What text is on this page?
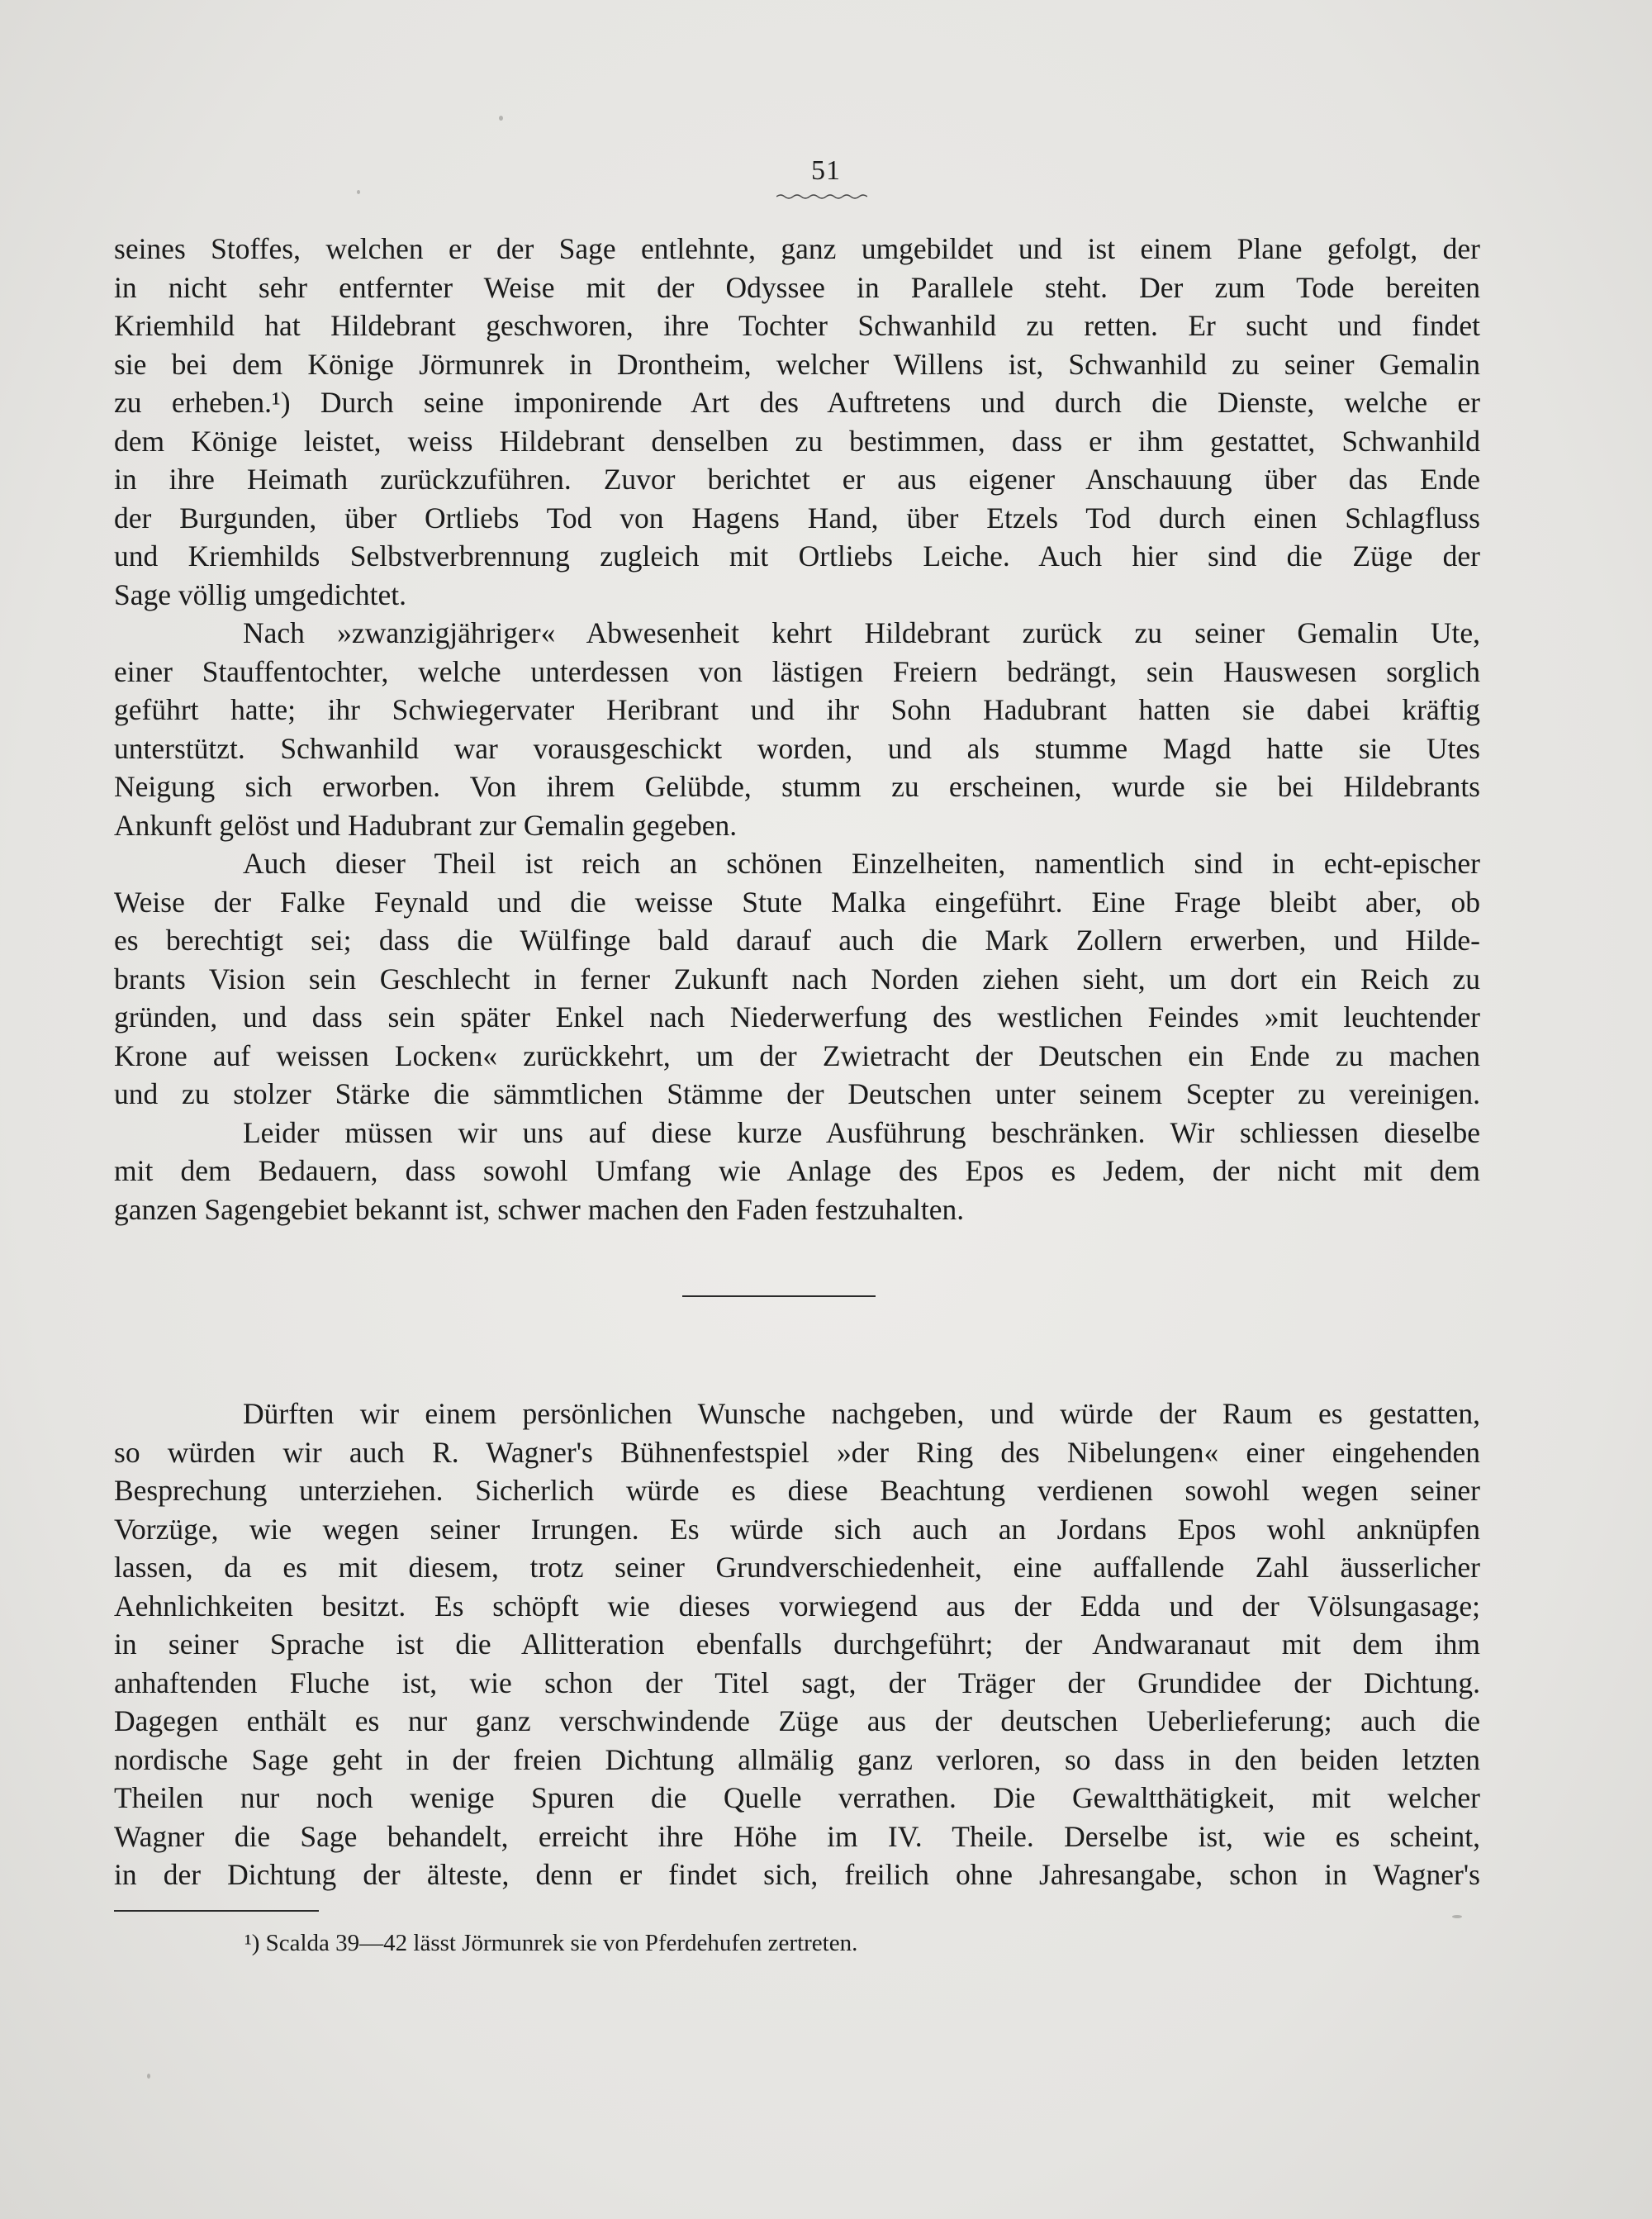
51

seines Stoffes, welchen er der Sage entlehnte, ganz umgebildet und ist einem Plane gefolgt, der
in nicht sehr entfernter Weise mit der Odyssee in Parallele steht. Der zum Tode bereiten
Kriemhild hat Hildebrant geschworen, ihre Tochter Schwanhild zu retten. Er sucht und findet
sie bei dem Könige Jörmunrek in Drontheim, welcher Willens ist, Schwanhild zu seiner Gemalin
zu erheben.¹) Durch seine imponirende Art des Auftretens und durch die Dienste, welche er
dem Könige leistet, weiss Hildebrant denselben zu bestimmen, dass er ihm gestattet, Schwanhild
in ihre Heimath zurückzuführen. Zuvor berichtet er aus eigener Anschauung über das Ende
der Burgunden, über Ortliebs Tod von Hagens Hand, über Etzels Tod durch einen Schlagfluss
und Kriemhilds Selbstverbrennung zugleich mit Ortliebs Leiche. Auch hier sind die Züge der
Sage völlig umgedichtet.

Nach »zwanzigjähriger« Abwesenheit kehrt Hildebrant zurück zu seiner Gemalin Ute,
einer Stauffentochter, welche unterdessen von lästigen Freiern bedrängt, sein Hauswesen sorglich
geführt hatte; ihr Schwiegervater Heribrant und ihr Sohn Hadubrant hatten sie dabei kräftig
unterstützt. Schwanhild war vorausgeschickt worden, und als stumme Magd hatte sie Utes
Neigung sich erworben. Von ihrem Gelübde, stumm zu erscheinen, wurde sie bei Hildebrants
Ankunft gelöst und Hadubrant zur Gemalin gegeben.

Auch dieser Theil ist reich an schönen Einzelheiten, namentlich sind in echt-epischer
Weise der Falke Feynald und die weisse Stute Malka eingeführt. Eine Frage bleibt aber, ob
es berechtigt sei; dass die Wülfinge bald darauf auch die Mark Zollern erwerben, und Hilde-
brants Vision sein Geschlecht in ferner Zukunft nach Norden ziehen sieht, um dort ein Reich zu
gründen, und dass sein später Enkel nach Niederwerfung des westlichen Feindes »mit leuchtender
Krone auf weissen Locken« zurückkehrt, um der Zwietracht der Deutschen ein Ende zu machen
und zu stolzer Stärke die sämmtlichen Stämme der Deutschen unter seinem Scepter zu vereinigen.

Leider müssen wir uns auf diese kurze Ausführung beschränken. Wir schliessen dieselbe
mit dem Bedauern, dass sowohl Umfang wie Anlage des Epos es Jedem, der nicht mit dem
ganzen Sagengebiet bekannt ist, schwer machen den Faden festzuhalten.

Dürften wir einem persönlichen Wunsche nachgeben, und würde der Raum es gestatten,
so würden wir auch R. Wagner's Bühnenfestspiel »der Ring des Nibelungen« einer eingehenden
Besprechung unterziehen. Sicherlich würde es diese Beachtung verdienen sowohl wegen seiner
Vorzüge, wie wegen seiner Irrungen. Es würde sich auch an Jordans Epos wohl anknüpfen
lassen, da es mit diesem, trotz seiner Grundverschiedenheit, eine auffallende Zahl äusserlicher
Aehnlichkeiten besitzt. Es schöpft wie dieses vorwiegend aus der Edda und der Völsungasage;
in seiner Sprache ist die Allitteration ebenfalls durchgeführt; der Andwaranaut mit dem ihm
anhaftenden Fluche ist, wie schon der Titel sagt, der Träger der Grundidee der Dichtung.
Dagegen enthält es nur ganz verschwindende Züge aus der deutschen Ueberlieferung; auch die
nordische Sage geht in der freien Dichtung allmälig ganz verloren, so dass in den beiden letzten
Theilen nur noch wenige Spuren die Quelle verrathen. Die Gewaltthätigkeit, mit welcher
Wagner die Sage behandelt, erreicht ihre Höhe im IV. Theile. Derselbe ist, wie es scheint,
in der Dichtung der älteste, denn er findet sich, freilich ohne Jahresangabe, schon in Wagner's

¹) Scalda 39—42 lässt Jörmunrek sie von Pferdehufen zertreten.
